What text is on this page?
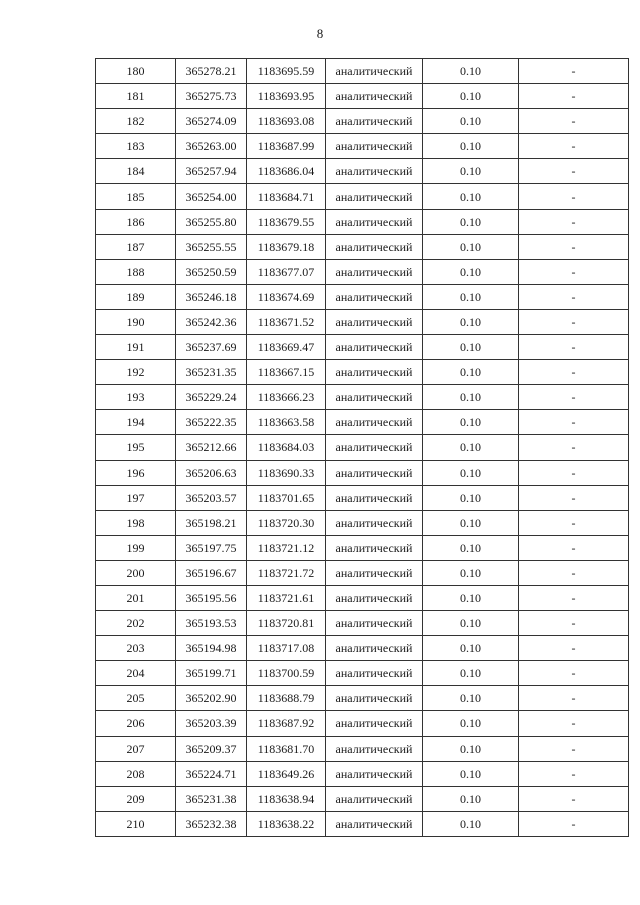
8
180	365278.21	1183695.59	аналитический	0.10	-
181	365275.73	1183693.95	аналитический	0.10	-
182	365274.09	1183693.08	аналитический	0.10	-
183	365263.00	1183687.99	аналитический	0.10	-
184	365257.94	1183686.04	аналитический	0.10	-
185	365254.00	1183684.71	аналитический	0.10	-
186	365255.80	1183679.55	аналитический	0.10	-
187	365255.55	1183679.18	аналитический	0.10	-
188	365250.59	1183677.07	аналитический	0.10	-
189	365246.18	1183674.69	аналитический	0.10	-
190	365242.36	1183671.52	аналитический	0.10	-
191	365237.69	1183669.47	аналитический	0.10	-
192	365231.35	1183667.15	аналитический	0.10	-
193	365229.24	1183666.23	аналитический	0.10	-
194	365222.35	1183663.58	аналитический	0.10	-
195	365212.66	1183684.03	аналитический	0.10	-
196	365206.63	1183690.33	аналитический	0.10	-
197	365203.57	1183701.65	аналитический	0.10	-
198	365198.21	1183720.30	аналитический	0.10	-
199	365197.75	1183721.12	аналитический	0.10	-
200	365196.67	1183721.72	аналитический	0.10	-
201	365195.56	1183721.61	аналитический	0.10	-
202	365193.53	1183720.81	аналитический	0.10	-
203	365194.98	1183717.08	аналитический	0.10	-
204	365199.71	1183700.59	аналитический	0.10	-
205	365202.90	1183688.79	аналитический	0.10	-
206	365203.39	1183687.92	аналитический	0.10	-
207	365209.37	1183681.70	аналитический	0.10	-
208	365224.71	1183649.26	аналитический	0.10	-
209	365231.38	1183638.94	аналитический	0.10	-
210	365232.38	1183638.22	аналитический	0.10	-
